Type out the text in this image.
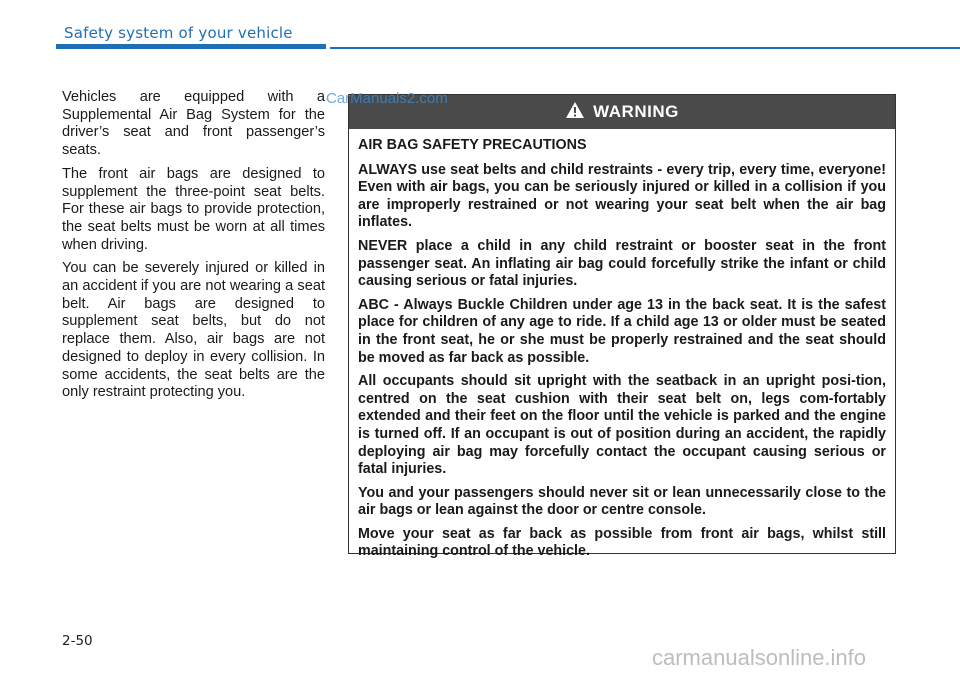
Safety system of your vehicle

Vehicles are equipped with a Supplemental Air Bag System for the driver’s seat and front passenger’s seats.

The front air bags are designed to supplement the three-point seat belts. For these air bags to provide protection, the seat belts must be worn at all times when driving.

You can be severely injured or killed in an accident if you are not wearing a seat belt. Air bags are designed to supplement seat belts, but do not replace them. Also, air bags are not designed to deploy in every collision. In some accidents, the seat belts are the only restraint protecting you.

WARNING
AIR BAG SAFETY PRECAUTIONS

ALWAYS use seat belts and child restraints - every trip, every time, everyone! Even with air bags, you can be seriously injured or killed in a collision if you are improperly restrained or not wearing your seat belt when the air bag inflates.

NEVER place a child in any child restraint or booster seat in the front passenger seat. An inflating air bag could forcefully strike the infant or child causing serious or fatal injuries.

ABC - Always Buckle Children under age 13 in the back seat. It is the safest place for children of any age to ride. If a child age 13 or older must be seated in the front seat, he or she must be properly restrained and the seat should be moved as far back as possible.

All occupants should sit upright with the seatback in an upright posi-tion, centred on the seat cushion with their seat belt on, legs com-fortably extended and their feet on the floor until the vehicle is parked and the engine is turned off. If an occupant is out of position during an accident, the rapidly deploying air bag may forcefully contact the occupant causing serious or fatal injuries.

You and your passengers should never sit or lean unnecessarily close to the air bags or lean against the door or centre console.

Move your seat as far back as possible from front air bags, whilst still maintaining control of the vehicle.

CarManuals2.com
2-50
carmanualsonline.info
